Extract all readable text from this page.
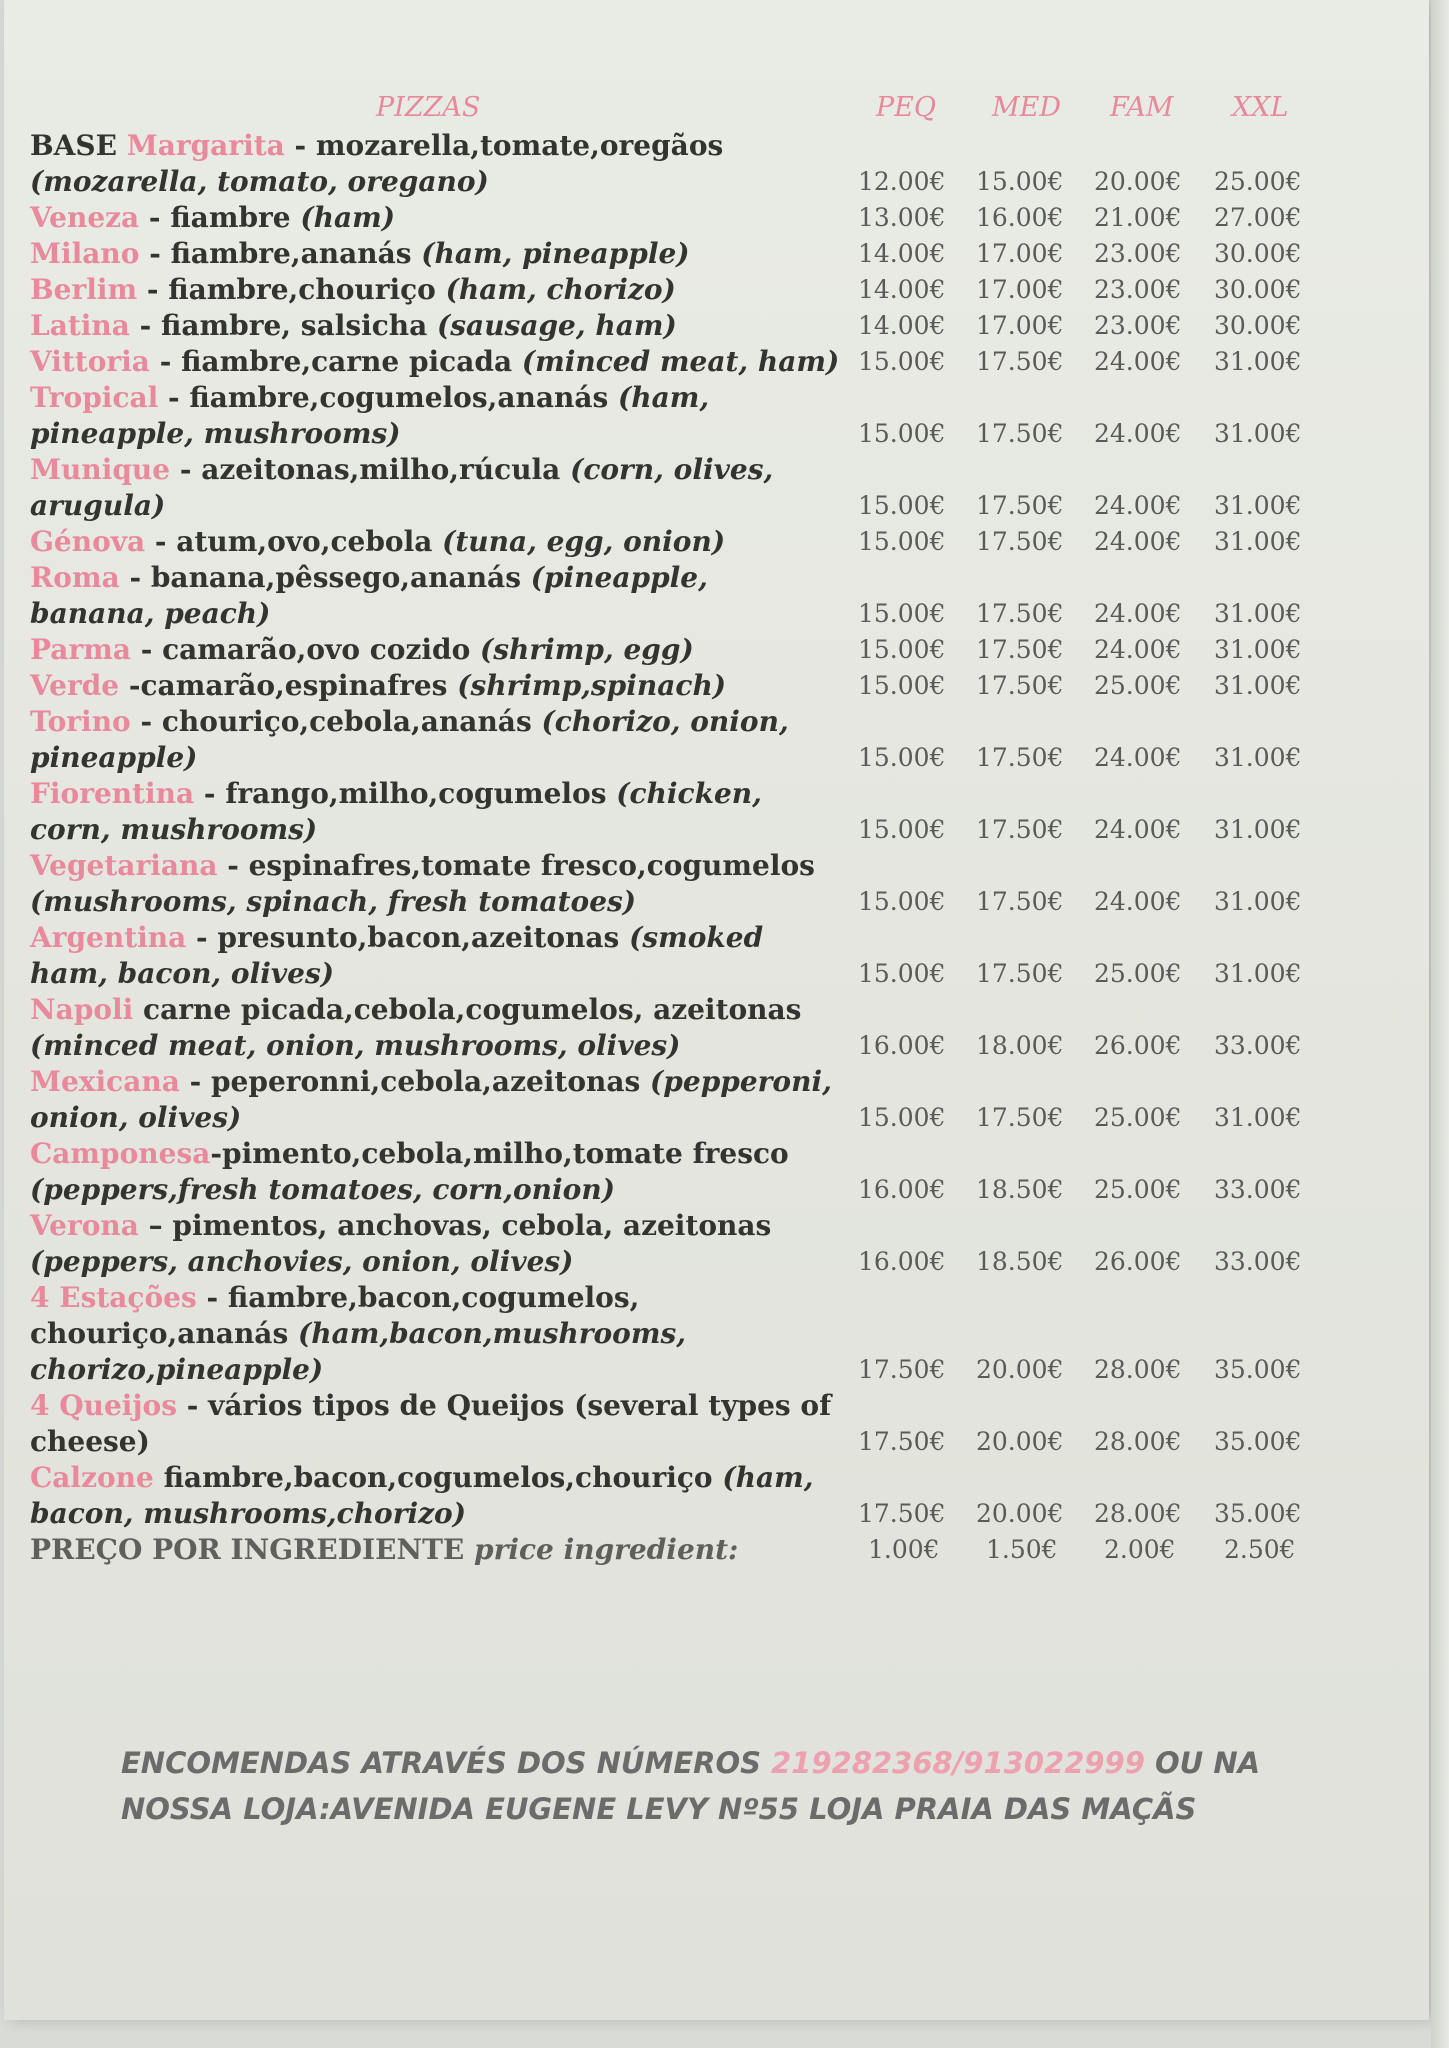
PIZZAS	PEQ MED FAM XXL
BASE Margarita - mozarella,tomate,oregãos (mozarella, tomato, oregano)	12.00€ 15.00€ 20.00€ 25.00€
Veneza - fiambre (ham)	13.00€ 16.00€ 21.00€ 27.00€
Milano - fiambre,ananás (ham, pineapple)	14.00€ 17.00€ 23.00€ 30.00€
Berlim - fiambre,chouriço (ham, chorizo)	14.00€ 17.00€ 23.00€ 30.00€
Latina - fiambre, salsicha (sausage, ham)	14.00€ 17.00€ 23.00€ 30.00€
Vittoria - fiambre,carne picada (minced meat, ham) 15.00€ 17.50€ 24.00€ 31.00€
Tropical - fiambre,cogumelos,ananás (ham, pineapple, mushrooms)	15.00€ 17.50€ 24.00€ 31.00€
Munique - azeitonas,milho,rúcula (corn, olives, arugula)	15.00€ 17.50€ 24.00€ 31.00€
Génova - atum,ovo,cebola (tuna, egg, onion)	15.00€ 17.50€ 24.00€ 31.00€
Roma - banana,pêssego,ananás (pineapple, banana, peach)	15.00€ 17.50€ 24.00€ 31.00€
Parma - camarão,ovo cozido (shrimp, egg)	15.00€ 17.50€ 24.00€ 31.00€
Verde -camarão,espinafres (shrimp,spinach)	15.00€ 17.50€ 25.00€ 31.00€
Torino - chouriço,cebola,ananás (chorizo, onion, pineapple)	15.00€ 17.50€ 24.00€ 31.00€
Fiorentina - frango,milho,cogumelos (chicken, corn, mushrooms)	15.00€ 17.50€ 24.00€ 31.00€
Vegetariana - espinafres,tomate fresco,cogumelos (mushrooms, spinach, fresh tomatoes)	15.00€ 17.50€ 24.00€ 31.00€
Argentina - presunto,bacon,azeitonas (smoked ham, bacon, olives)	15.00€ 17.50€ 25.00€ 31.00€
Napoli carne picada,cebola,cogumelos, azeitonas (minced meat, onion, mushrooms, olives)	16.00€ 18.00€ 26.00€ 33.00€
Mexicana - peperonni,cebola,azeitonas (pepperoni, onion, olives)	15.00€ 17.50€ 25.00€ 31.00€
Camponesa-pimento,cebola,milho,tomate fresco (peppers,fresh tomatoes, corn,onion)	16.00€ 18.50€ 25.00€ 33.00€
Verona – pimentos, anchovas, cebola, azeitonas (peppers, anchovies, onion, olives)	16.00€ 18.50€ 26.00€ 33.00€
4 Estações - fiambre,bacon,cogumelos, chouriço,ananás (ham,bacon,mushrooms, chorizo,pineapple)	17.50€ 20.00€ 28.00€ 35.00€
4 Queijos - vários tipos de Queijos (several types of cheese)	17.50€ 20.00€ 28.00€ 35.00€
Calzone fiambre,bacon,cogumelos,chouriço (ham, bacon, mushrooms,chorizo)	17.50€ 20.00€ 28.00€ 35.00€
PREÇO POR INGREDIENTE price ingredient:	1.00€ 1.50€ 2.00€ 2.50€
ENCOMENDAS ATRAVÉS DOS NÚMEROS 219282368/913022999 OU NA
NOSSA LOJA:AVENIDA EUGENE LEVY Nº55 LOJA PRAIA DAS MAÇÃS
